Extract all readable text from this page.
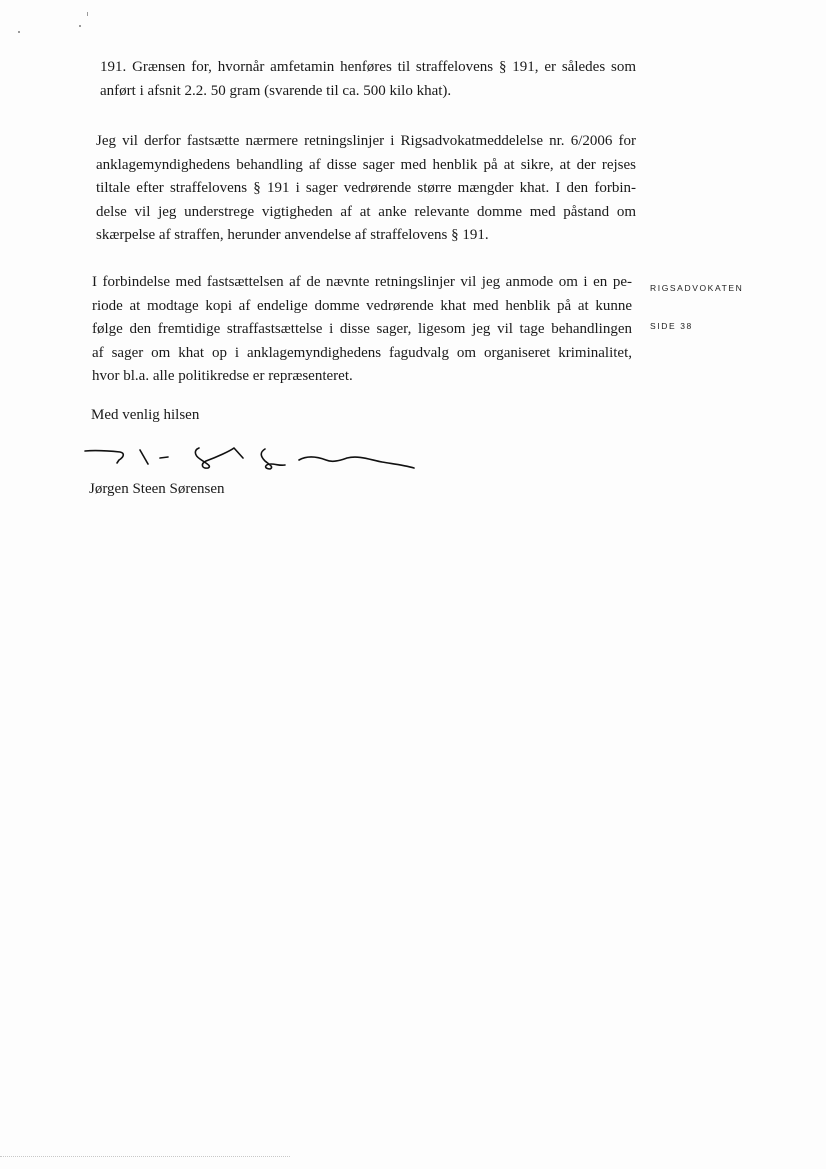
191. Grænsen for, hvornår amfetamin henføres til straffelovens § 191, er således som
anført i afsnit 2.2. 50 gram (svarende til ca. 500 kilo khat).
Jeg vil derfor fastsætte nærmere retningslinjer i Rigsadvokatmeddelelse nr. 6/2006 for
anklagemyndighedens behandling af disse sager med henblik på at sikre, at der rejses
tiltale efter straffelovens § 191 i sager vedrørende større mængder khat. I den forbin-
delse vil jeg understrege vigtigheden af at anke relevante domme med påstand om
skærpelse af straffen, herunder anvendelse af straffelovens § 191.
I forbindelse med fastsættelsen af de nævnte retningslinjer vil jeg anmode om i en pe-
riode at modtage kopi af endelige domme vedrørende khat med henblik på at kunne
følge den fremtidige straffastsættelse i disse sager, ligesom jeg vil tage behandlingen
af sager om khat op i anklagemyndighedens fagudvalg om organiseret kriminalitet,
hvor bl.a. alle politikredse er repræsenteret.
RIGSADVOKATEN
SIDE 38
Med venlig hilsen
Jørgen Steen Sørensen
